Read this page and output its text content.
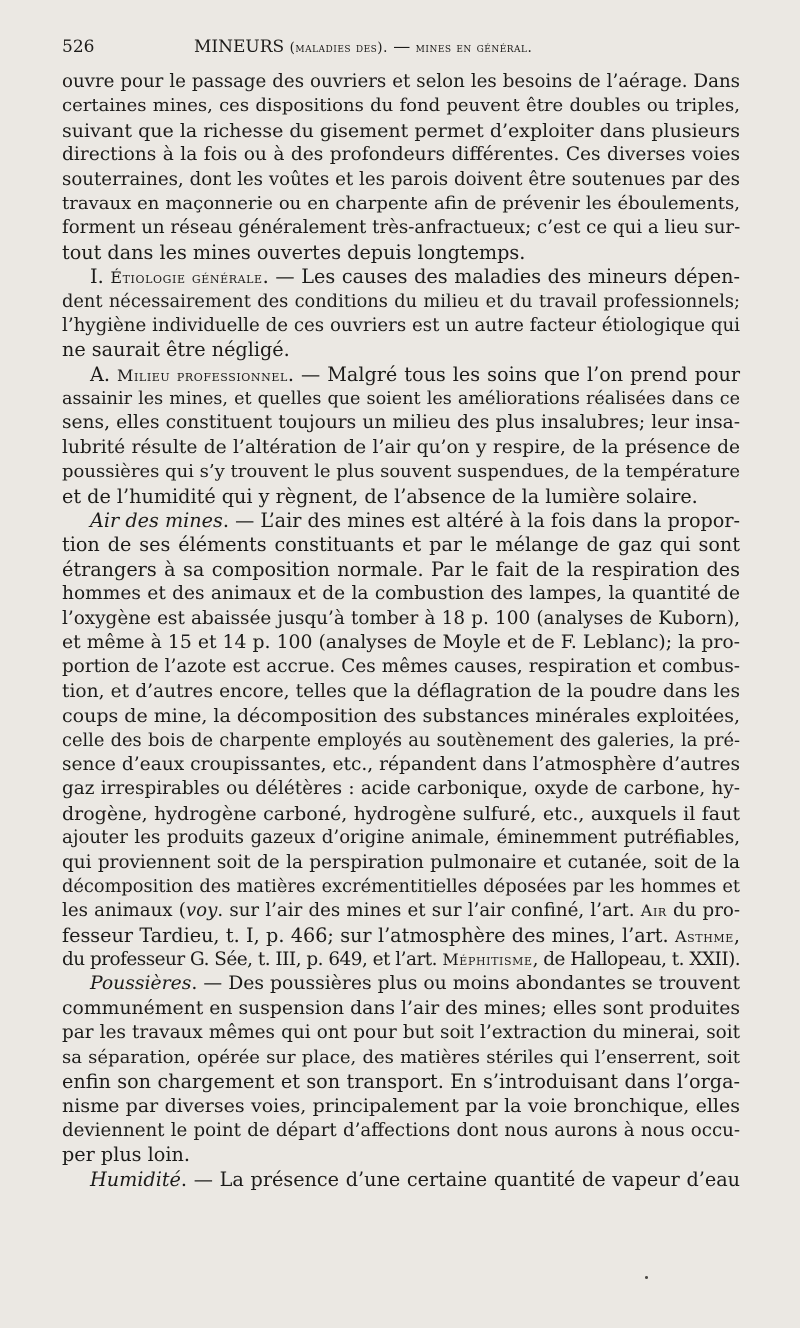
526	MINEURS (maladies des). — mines en général.
ouvre pour le passage des ouvriers et selon les besoins de l’aérage. Dans
certaines mines, ces dispositions du fond peuvent être doubles ou triples,
suivant que la richesse du gisement permet d’exploiter dans plusieurs
directions à la fois ou à des profondeurs différentes. Ces diverses voies
souterraines, dont les voûtes et les parois doivent être soutenues par des
travaux en maçonnerie ou en charpente afin de prévenir les éboulements,
forment un réseau généralement très-anfractueux; c’est ce qui a lieu sur-
tout dans les mines ouvertes depuis longtemps.
I. Étiologie générale. — Les causes des maladies des mineurs dépen-
dent nécessairement des conditions du milieu et du travail professionnels;
l’hygiène individuelle de ces ouvriers est un autre facteur étiologique qui
ne saurait être négligé.
A. Milieu professionnel. — Malgré tous les soins que l’on prend pour
assainir les mines, et quelles que soient les améliorations réalisées dans ce
sens, elles constituent toujours un milieu des plus insalubres; leur insa-
lubrité résulte de l’altération de l’air qu’on y respire, de la présence de
poussières qui s’y trouvent le plus souvent suspendues, de la température
et de l’humidité qui y règnent, de l’absence de la lumière solaire.
Air des mines. — L’air des mines est altéré à la fois dans la propor-
tion de ses éléments constituants et par le mélange de gaz qui sont
étrangers à sa composition normale. Par le fait de la respiration des
hommes et des animaux et de la combustion des lampes, la quantité de
l’oxygène est abaissée jusqu’à tomber à 18 p. 100 (analyses de Kuborn),
et même à 15 et 14 p. 100 (analyses de Moyle et de F. Leblanc); la pro-
portion de l’azote est accrue. Ces mêmes causes, respiration et combus-
tion, et d’autres encore, telles que la déflagration de la poudre dans les
coups de mine, la décomposition des substances minérales exploitées,
celle des bois de charpente employés au soutènement des galeries, la pré-
sence d’eaux croupissantes, etc., répandent dans l’atmosphère d’autres
gaz irrespirables ou délétères : acide carbonique, oxyde de carbone, hy-
drogène, hydrogène carboné, hydrogène sulfuré, etc., auxquels il faut
ajouter les produits gazeux d’origine animale, éminemment putréfiables,
qui proviennent soit de la perspiration pulmonaire et cutanée, soit de la
décomposition des matières excrémentitielles déposées par les hommes et
les animaux (voy. sur l’air des mines et sur l’air confiné, l’art. Air du pro-
fesseur Tardieu, t. I, p. 466; sur l’atmosphère des mines, l’art. Asthme,
du professeur G. Sée, t. III, p. 649, et l’art. Méphitisme, de Hallopeau, t. XXII).
Poussières. — Des poussières plus ou moins abondantes se trouvent
communément en suspension dans l’air des mines; elles sont produites
par les travaux mêmes qui ont pour but soit l’extraction du minerai, soit
sa séparation, opérée sur place, des matières stériles qui l’enserrent, soit
enfin son chargement et son transport. En s’introduisant dans l’orga-
nisme par diverses voies, principalement par la voie bronchique, elles
deviennent le point de départ d’affections dont nous aurons à nous occu-
per plus loin.
Humidité. — La présence d’une certaine quantité de vapeur d’eau
